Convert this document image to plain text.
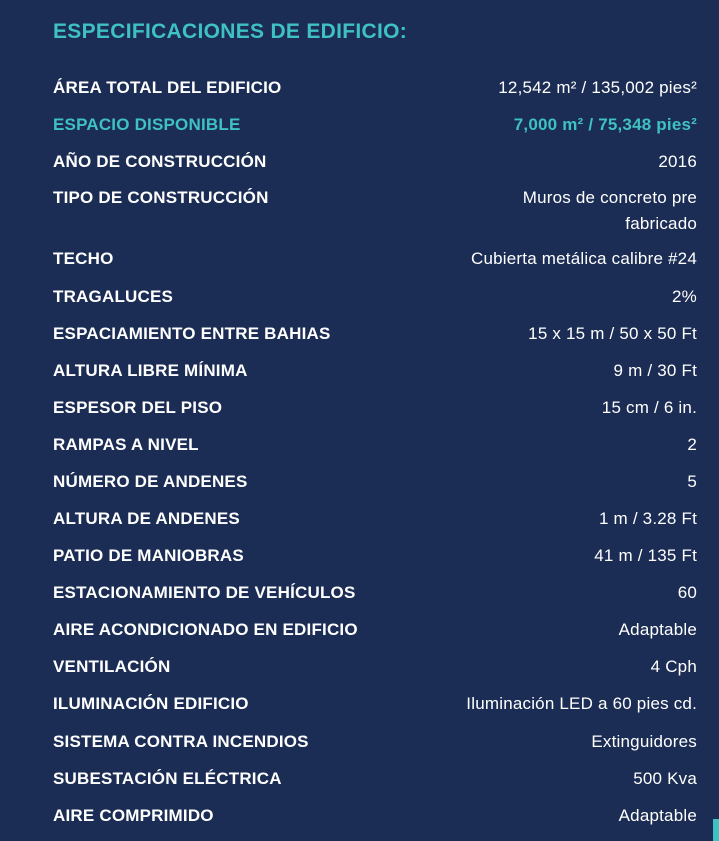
ESPECIFICACIONES DE EDIFICIO:
ÁREA TOTAL DEL EDIFICIO	12,542 m² / 135,002 pies²
ESPACIO DISPONIBLE	7,000 m² / 75,348 pies²
AÑO DE CONSTRUCCIÓN	2016
TIPO DE CONSTRUCCIÓN	Muros de concreto pre fabricado
TECHO	Cubierta metálica calibre #24
TRAGALUCES	2%
ESPACIAMIENTO ENTRE BAHIAS	15 x 15 m / 50 x 50 Ft
ALTURA LIBRE MÍNIMA	9 m / 30 Ft
ESPESOR DEL PISO	15 cm / 6 in.
RAMPAS A NIVEL	2
NÚMERO DE ANDENES	5
ALTURA DE ANDENES	1 m / 3.28 Ft
PATIO DE MANIOBRAS	41 m / 135 Ft
ESTACIONAMIENTO DE VEHÍCULOS	60
AIRE ACONDICIONADO EN EDIFICIO	Adaptable
VENTILACIÓN	4 Cph
ILUMINACIÓN EDIFICIO	Iluminación LED a 60 pies cd.
SISTEMA CONTRA INCENDIOS	Extinguidores
SUBESTACIÓN ELÉCTRICA	500 Kva
AIRE COMPRIMIDO	Adaptable
